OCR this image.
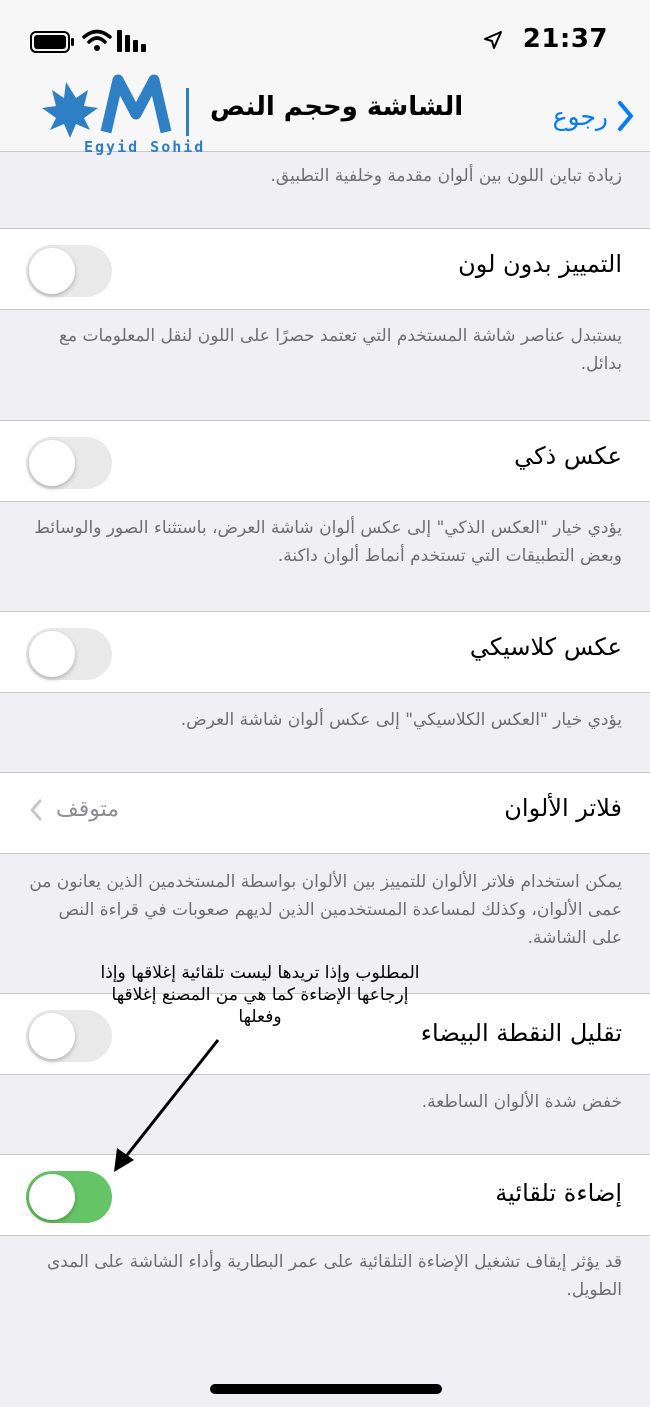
21:37
Egyid Sohid
الشاشة وحجم النص	رجوع
زيادة تباين اللون بين ألوان مقدمة وخلفية التطبيق.
التمييز بدون لون
يستبدل عناصر شاشة المستخدم التي تعتمد حصرًا على اللون لنقل المعلومات مع بدائل.
عكس ذكي
يؤدي خيار "العكس الذكي" إلى عكس ألوان شاشة العرض، باستثناء الصور والوسائط وبعض التطبيقات التي تستخدم أنماط ألوان داكنة.
عكس كلاسيكي
يؤدي خيار "العكس الكلاسيكي" إلى عكس ألوان شاشة العرض.
فلاتر الألوان
متوقف
يمكن استخدام فلاتر الألوان للتمييز بين الألوان بواسطة المستخدمين الذين يعانون من عمى الألوان، وكذلك لمساعدة المستخدمين الذين لديهم صعوبات في قراءة النص على الشاشة.
تقليل النقطة البيضاء
خفض شدة الألوان الساطعة.
إضاءة تلقائية
قد يؤثر إيقاف تشغيل الإضاءة التلقائية على عمر البطارية وأداء الشاشة على المدى الطويل.
المطلوب وإذا تريدها ليست تلقائية إغلاقها وإذا إرجاعها الإضاءة كما هي من المصنع إغلاقها وفعلها
